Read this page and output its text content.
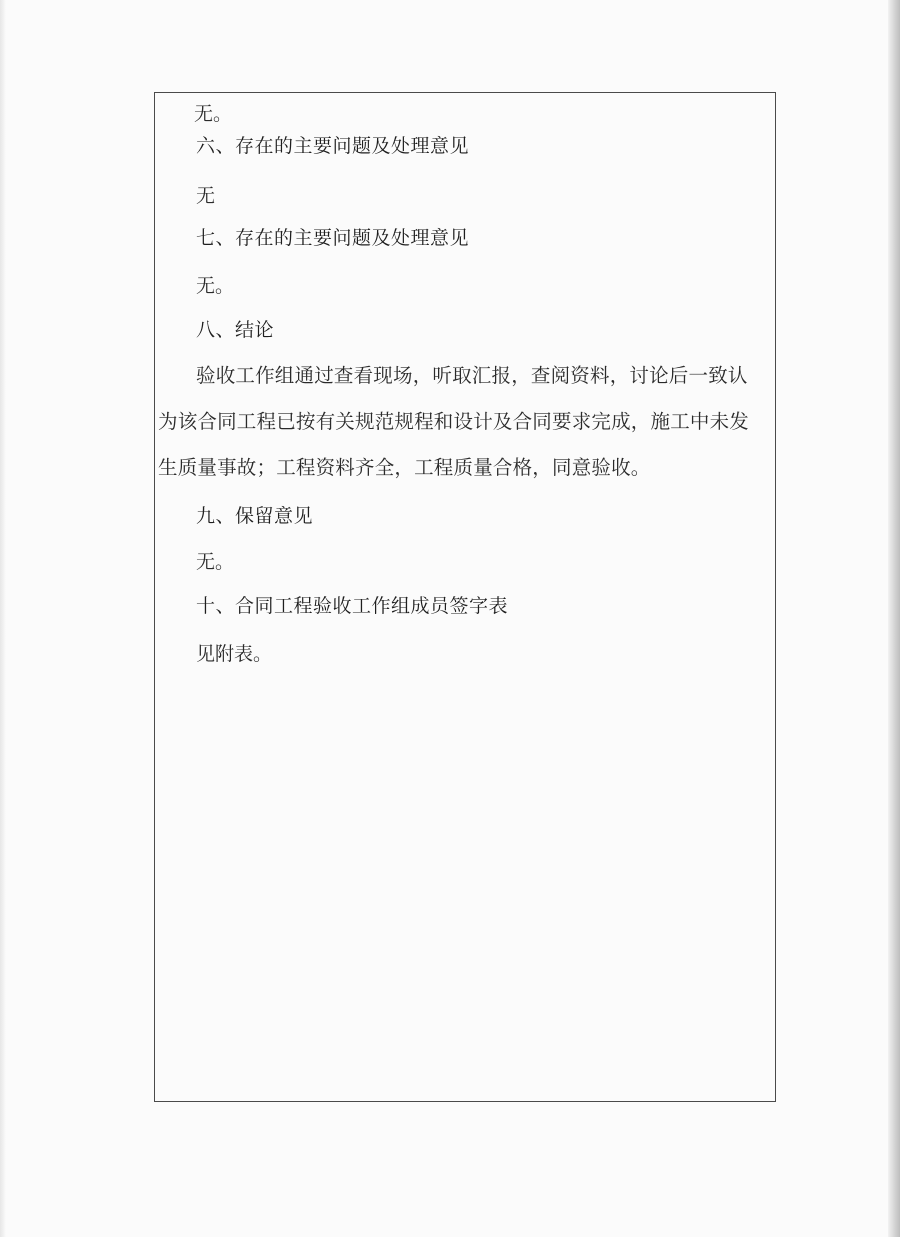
无。
六、存在的主要问题及处理意见
无
七、存在的主要问题及处理意见
无。
八、结论
验收工作组通过查看现场，听取汇报，查阅资料，讨论后一致认
为该合同工程已按有关规范规程和设计及合同要求完成，施工中未发
生质量事故；工程资料齐全，工程质量合格，同意验收。
九、保留意见
无。
十、合同工程验收工作组成员签字表
见附表。
